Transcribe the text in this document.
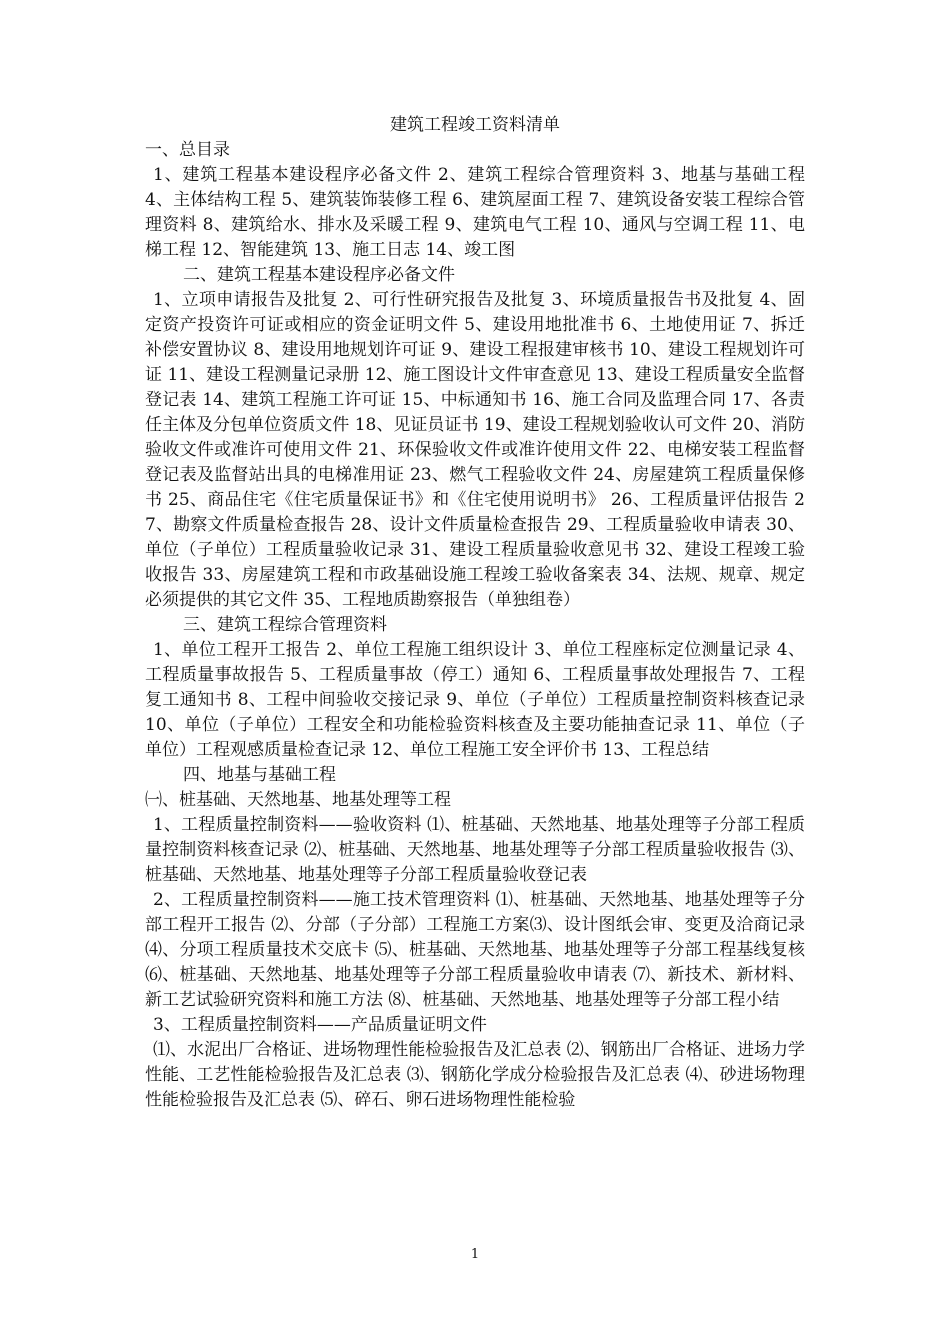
建筑工程竣工资料清单

一、总目录

1、建筑工程基本建设程序必备文件 2、建筑工程综合管理资料 3、地基与基础工程 4、主体结构工程 5、建筑装饰装修工程 6、建筑屋面工程 7、建筑设备安装工程综合管理资料 8、建筑给水、排水及采暖工程 9、建筑电气工程 10、通风与空调工程 11、电梯工程 12、智能建筑 13、施工日志 14、竣工图

二、建筑工程基本建设程序必备文件

1、立项申请报告及批复 2、可行性研究报告及批复 3、环境质量报告书及批复 4、固定资产投资许可证或相应的资金证明文件 5、建设用地批准书 6、土地使用证 7、拆迁补偿安置协议 8、建设用地规划许可证 9、建设工程报建审核书 10、建设工程规划许可证 11、建设工程测量记录册 12、施工图设计文件审查意见 13、建设工程质量安全监督登记表 14、建筑工程施工许可证 15、中标通知书 16、施工合同及监理合同 17、各责任主体及分包单位资质文件 18、见证员证书 19、建设工程规划验收认可文件 20、消防验收文件或准许可使用文件 21、环保验收文件或准许使用文件 22、电梯安装工程监督登记表及监督站出具的电梯准用证 23、燃气工程验收文件 24、房屋建筑工程质量保修书 25、商品住宅《住宅质量保证书》和《住宅使用说明书》 26、工程质量评估报告 27、勘察文件质量检查报告 28、设计文件质量检查报告 29、工程质量验收申请表 30、单位（子单位）工程质量验收记录 31、建设工程质量验收意见书 32、建设工程竣工验收报告 33、房屋建筑工程和市政基础设施工程竣工验收备案表 34、法规、规章、规定必须提供的其它文件 35、工程地质勘察报告（单独组卷）

三、建筑工程综合管理资料

1、单位工程开工报告 2、单位工程施工组织设计 3、单位工程座标定位测量记录 4、工程质量事故报告 5、工程质量事故（停工）通知 6、工程质量事故处理报告 7、工程复工通知书 8、工程中间验收交接记录 9、单位（子单位）工程质量控制资料核查记录 10、单位（子单位）工程安全和功能检验资料核查及主要功能抽查记录 11、单位（子单位）工程观感质量检查记录 12、单位工程施工安全评价书 13、工程总结

四、地基与基础工程

㈠、桩基础、天然地基、地基处理等工程

1、工程质量控制资料——验收资料 ⑴、桩基础、天然地基、地基处理等子分部工程质量控制资料核查记录 ⑵、桩基础、天然地基、地基处理等子分部工程质量验收报告 ⑶、桩基础、天然地基、地基处理等子分部工程质量验收登记表

2、工程质量控制资料——施工技术管理资料 ⑴、桩基础、天然地基、地基处理等子分部工程开工报告 ⑵、分部（子分部）工程施工方案⑶、设计图纸会审、变更及洽商记录 ⑷、分项工程质量技术交底卡 ⑸、桩基础、天然地基、地基处理等子分部工程基线复核 ⑹、桩基础、天然地基、地基处理等子分部工程质量验收申请表 ⑺、新技术、新材料、新工艺试验研究资料和施工方法 ⑻、桩基础、天然地基、地基处理等子分部工程小结

3、工程质量控制资料——产品质量证明文件

⑴、水泥出厂合格证、进场物理性能检验报告及汇总表 ⑵、钢筋出厂合格证、进场力学性能、工艺性能检验报告及汇总表 ⑶、钢筋化学成分检验报告及汇总表 ⑷、砂进场物理性能检验报告及汇总表 ⑸、碎石、卵石进场物理性能检验

1
